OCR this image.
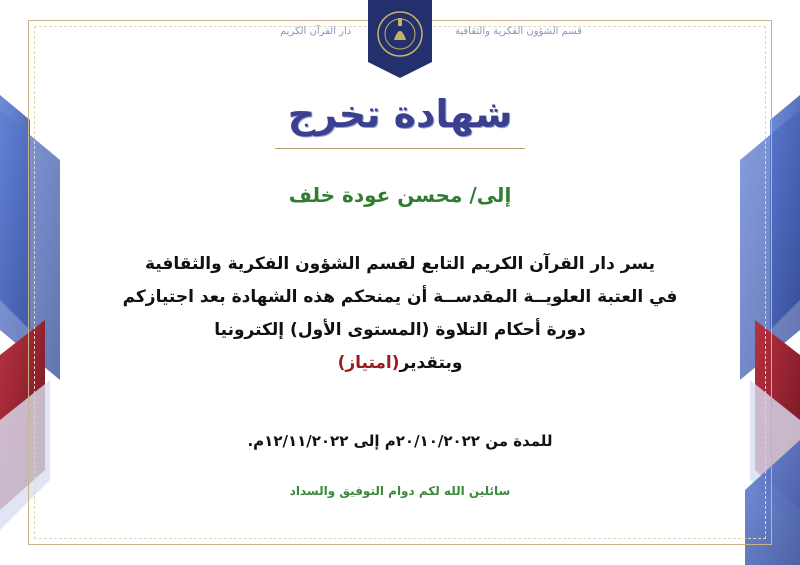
دار القرآن الكريم	قسم الشؤون الفكرية والثقافية
شهادة تخرج
إلى/ محسن عودة خلف
يسر دار القرآن الكريم التابع لقسم الشؤون الفكرية والثقافية
في العتبة العلويــة المقدســة أن يمنحكم هذه الشهادة بعد اجتيازكم
دورة أحكام التلاوة (المستوى الأول) إلكترونيا
وبتقدير(امتياز)
للمدة من ٢٠/١٠/٢٠٢٢م إلى ١٢/١١/٢٠٢٢م.
سائلين الله لكم دوام التوفيق والسداد
